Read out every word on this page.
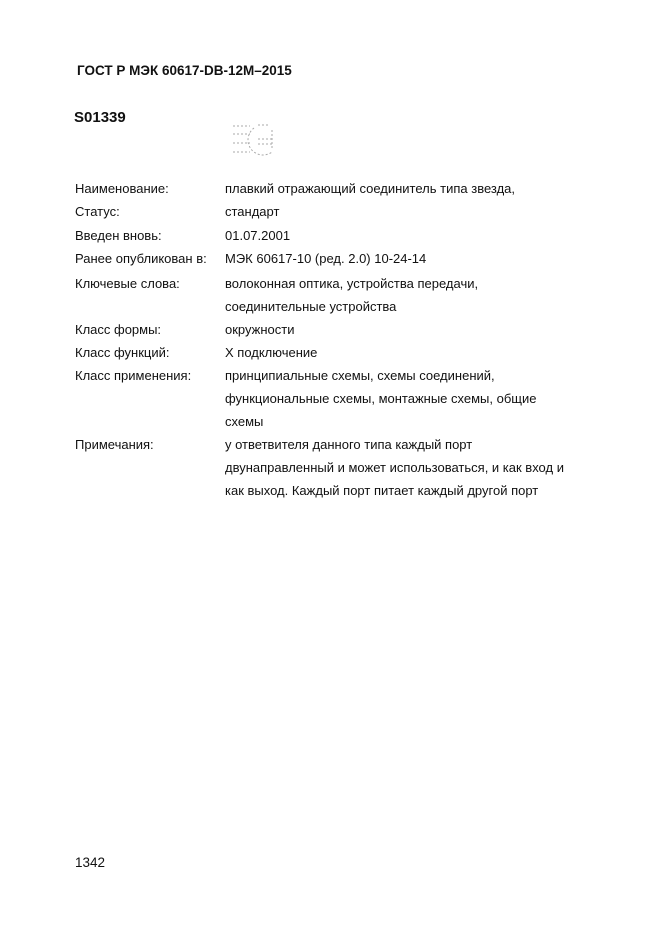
ГОСТ Р МЭК 60617-DB-12M–2015
S01339
Наименование:	плавкий отражающий соединитель типа звезда,
Статус:	стандарт
Введен вновь:	01.07.2001
Ранее опубликован в:	МЭК 60617-10 (ред. 2.0) 10-24-14
Ключевые слова:	волоконная оптика, устройства передачи, соединительные устройства
Класс формы:	окружности
Класс функций:	X подключение
Класс применения:	принципиальные схемы, схемы соединений, функциональные схемы, монтажные схемы, общие схемы
Примечания:	у ответвителя данного типа каждый порт двунаправленный и может использоваться, и как вход и как выход. Каждый порт питает каждый другой порт
1342
